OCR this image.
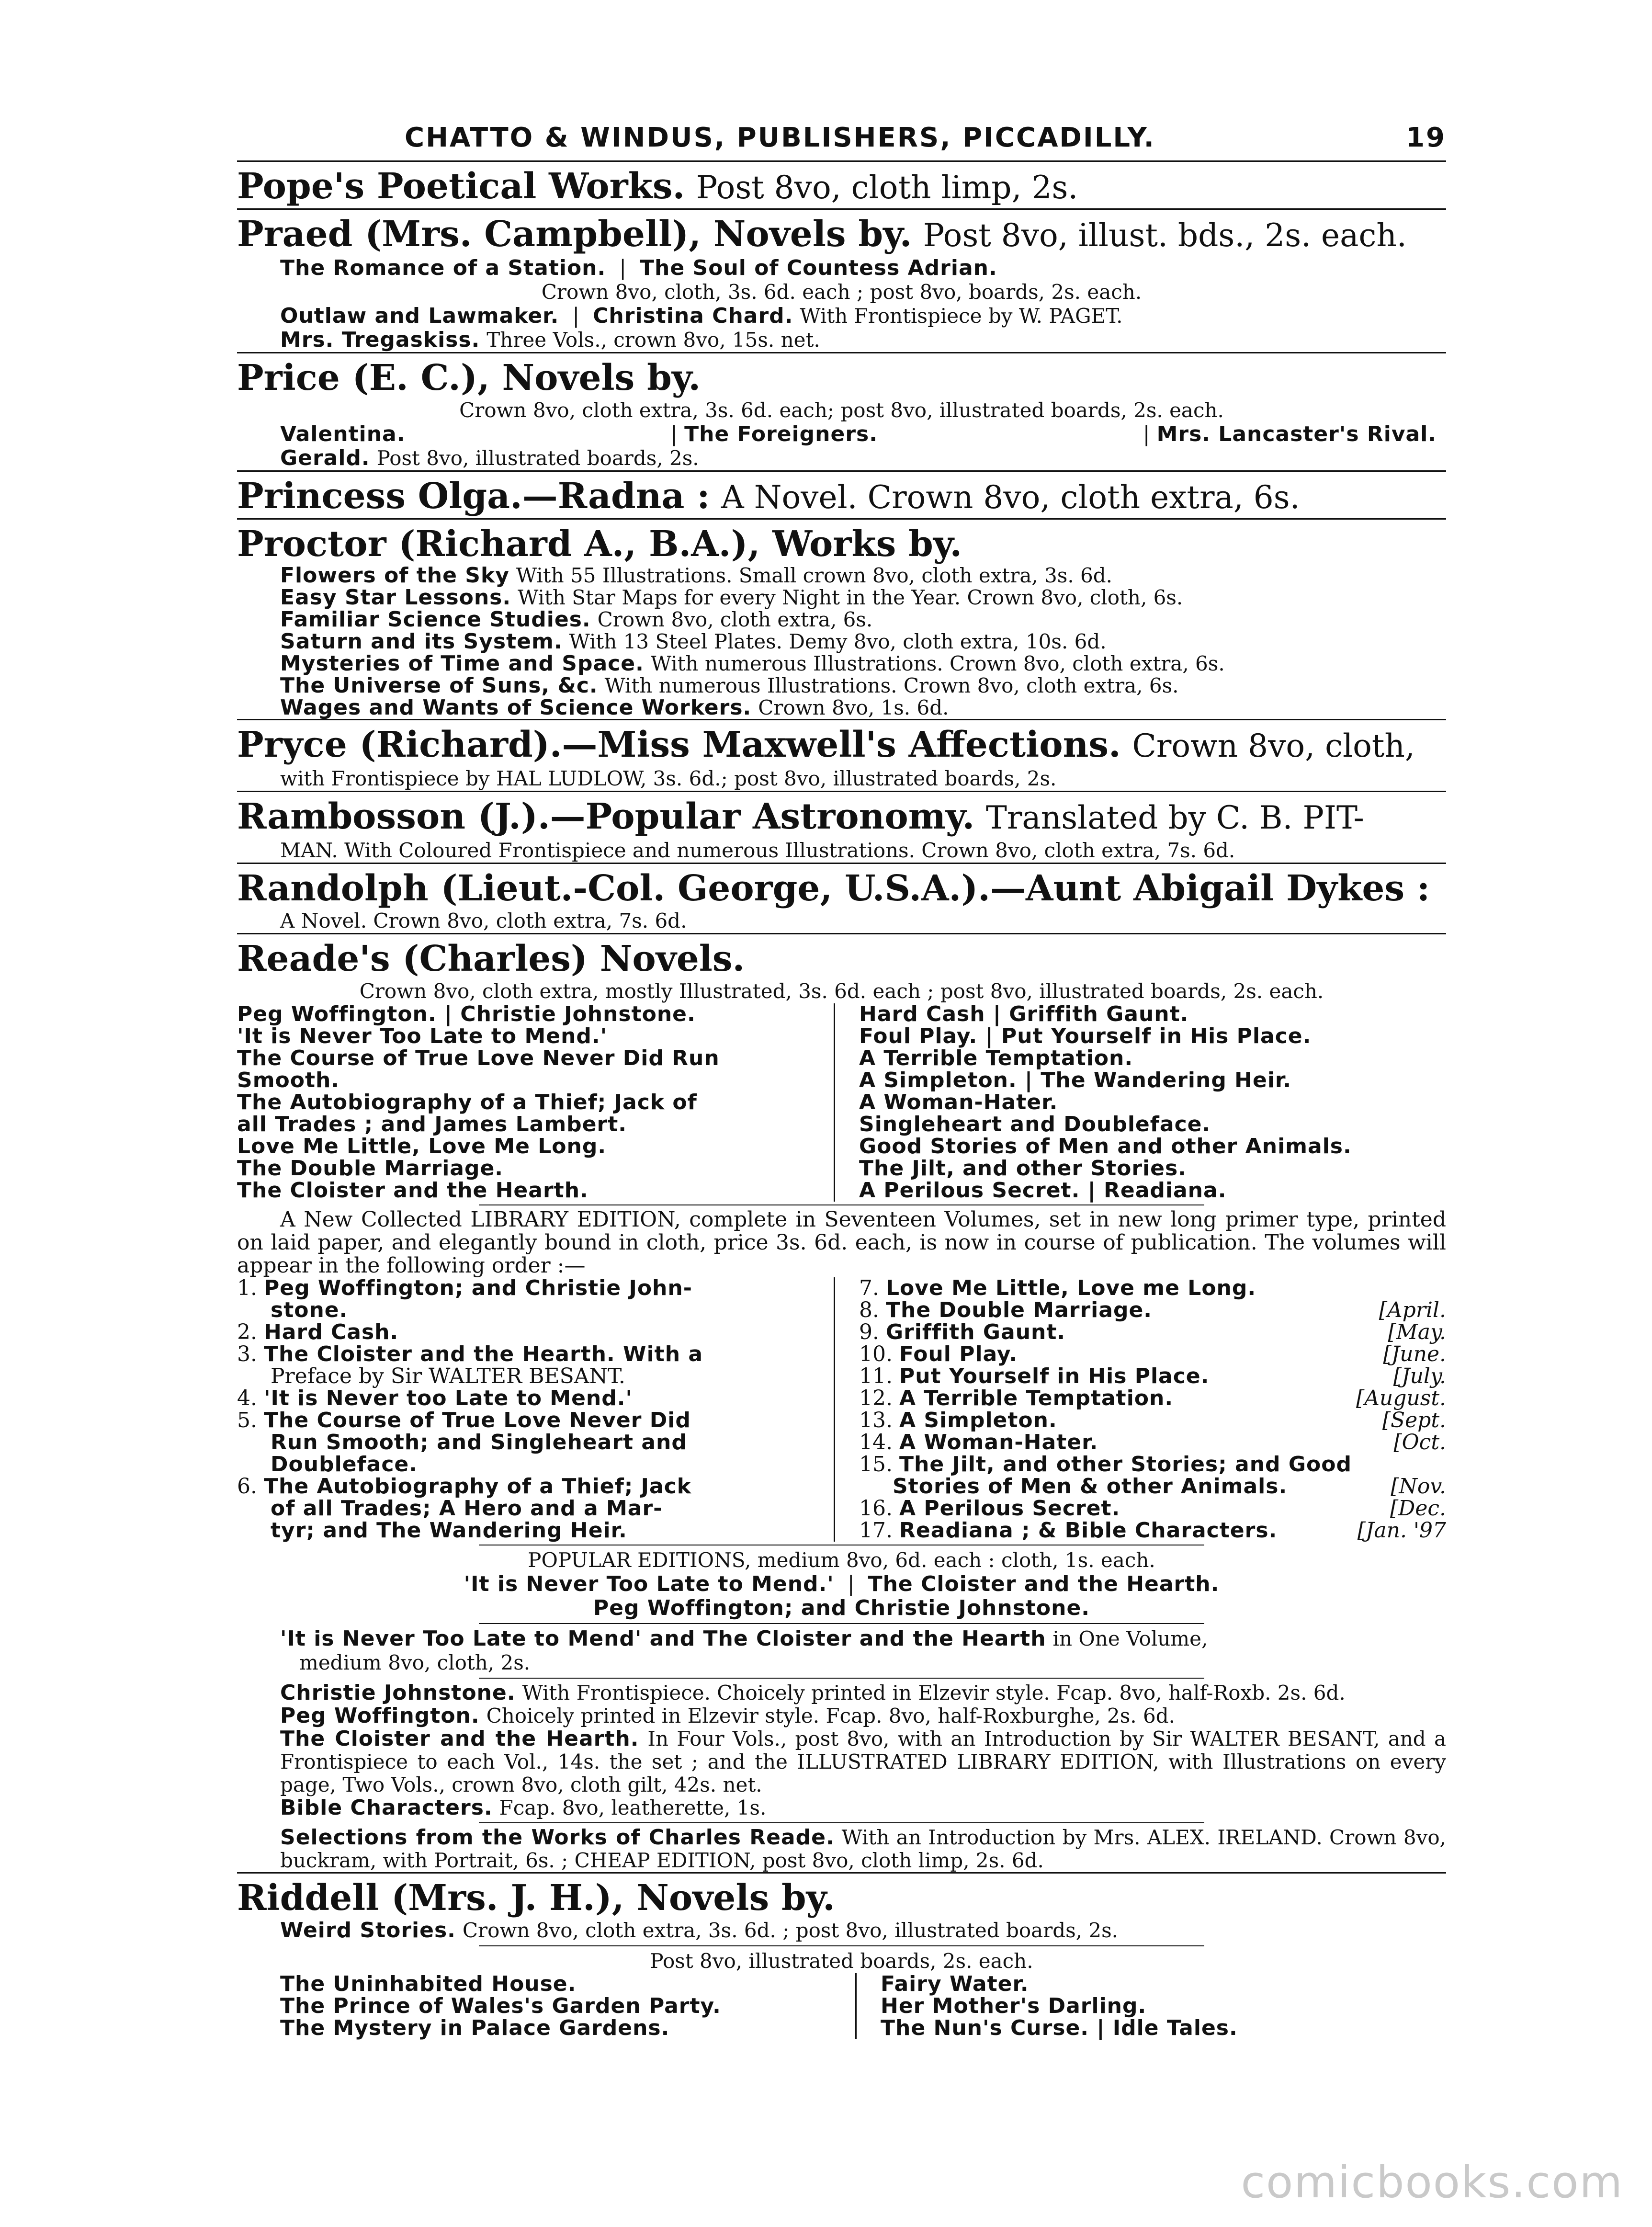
CHATTO & WINDUS, PUBLISHERS, PICCADILLY.	19
Pope's Poetical Works. Post 8vo, cloth limp, 2s.
Praed (Mrs. Campbell), Novels by. Post 8vo, illust. bds., 2s. each.
The Romance of a Station. | The Soul of Countess Adrian.
Crown 8vo, cloth, 3s. 6d. each ; post 8vo, boards, 2s. each.
Outlaw and Lawmaker. | Christina Chard. With Frontispiece by W. PAGET.
Mrs. Tregaskiss. Three Vols., crown 8vo, 15s. net.
Price (E. C.), Novels by.
Crown 8vo, cloth extra, 3s. 6d. each; post 8vo, illustrated boards, 2s. each.
Valentina.	| The Foreigners.	| Mrs. Lancaster's Rival.
Gerald. Post 8vo, illustrated boards, 2s.
Princess Olga.—Radna : A Novel. Crown 8vo, cloth extra, 6s.
Proctor (Richard A., B.A.), Works by.
Flowers of the Sky With 55 Illustrations. Small crown 8vo, cloth extra, 3s. 6d.
Easy Star Lessons. With Star Maps for every Night in the Year. Crown 8vo, cloth, 6s.
Familiar Science Studies. Crown 8vo, cloth extra, 6s.
Saturn and its System. With 13 Steel Plates. Demy 8vo, cloth extra, 10s. 6d.
Mysteries of Time and Space. With numerous Illustrations. Crown 8vo, cloth extra, 6s.
The Universe of Suns, &c. With numerous Illustrations. Crown 8vo, cloth extra, 6s.
Wages and Wants of Science Workers. Crown 8vo, 1s. 6d.
Pryce (Richard).—Miss Maxwell's Affections. Crown 8vo, cloth,
with Frontispiece by HAL LUDLOW, 3s. 6d.; post 8vo, illustrated boards, 2s.
Rambosson (J.).—Popular Astronomy. Translated by C. B. PIT-
MAN. With Coloured Frontispiece and numerous Illustrations. Crown 8vo, cloth extra, 7s. 6d.
Randolph (Lieut.-Col. George, U.S.A.).—Aunt Abigail Dykes :
A Novel. Crown 8vo, cloth extra, 7s. 6d.
Reade's (Charles) Novels.
Crown 8vo, cloth extra, mostly Illustrated, 3s. 6d. each ; post 8vo, illustrated boards, 2s. each.
Peg Woffington. | Christie Johnstone.
'It is Never Too Late to Mend.'
The Course of True Love Never Did Run
Smooth.
The Autobiography of a Thief; Jack of
all Trades ; and James Lambert.
Love Me Little, Love Me Long.
The Double Marriage.
The Cloister and the Hearth.
Hard Cash | Griffith Gaunt.
Foul Play. | Put Yourself in His Place.
A Terrible Temptation.
A Simpleton. | The Wandering Heir.
A Woman-Hater.
Singleheart and Doubleface.
Good Stories of Men and other Animals.
The Jilt, and other Stories.
A Perilous Secret. | Readiana.
A New Collected LIBRARY EDITION, complete in Seventeen Volumes, set in new long primer type, printed on laid paper, and elegantly bound in cloth, price 3s. 6d. each, is now in course of publication. The volumes will appear in the following order :—
1. Peg Woffington; and Christie John-
stone.
2. Hard Cash.
3. The Cloister and the Hearth. With a
Preface by Sir WALTER BESANT.
4. 'It is Never too Late to Mend.'
5. The Course of True Love Never Did
Run Smooth; and Singleheart and
Doubleface.
6. The Autobiography of a Thief; Jack
of all Trades; A Hero and a Mar-
tyr; and The Wandering Heir.
7. Love Me Little, Love me Long.
8. The Double Marriage.	[April.
9. Griffith Gaunt.	[May.
10. Foul Play.	[June.
11. Put Yourself in His Place.	[July.
12. A Terrible Temptation.	[August.
13. A Simpleton.	[Sept.
14. A Woman-Hater.	[Oct.
15. The Jilt, and other Stories; and Good
Stories of Men & other Animals.	[Nov.
16. A Perilous Secret.	[Dec.
17. Readiana ; & Bible Characters.	[Jan. '97
POPULAR EDITIONS, medium 8vo, 6d. each : cloth, 1s. each.
'It is Never Too Late to Mend.' | The Cloister and the Hearth.
Peg Woffington; and Christie Johnstone.
'It is Never Too Late to Mend' and The Cloister and the Hearth in One Volume,
medium 8vo, cloth, 2s.
Christie Johnstone. With Frontispiece. Choicely printed in Elzevir style. Fcap. 8vo, half-Roxb. 2s. 6d.
Peg Woffington. Choicely printed in Elzevir style. Fcap. 8vo, half-Roxburghe, 2s. 6d.
The Cloister and the Hearth. In Four Vols., post 8vo, with an Introduction by Sir WALTER BESANT, and a Frontispiece to each Vol., 14s. the set ; and the ILLUSTRATED LIBRARY EDITION, with Illustrations on every page, Two Vols., crown 8vo, cloth gilt, 42s. net.
Bible Characters. Fcap. 8vo, leatherette, 1s.
Selections from the Works of Charles Reade. With an Introduction by Mrs. ALEX. IRELAND. Crown 8vo, buckram, with Portrait, 6s. ; CHEAP EDITION, post 8vo, cloth limp, 2s. 6d.
Riddell (Mrs. J. H.), Novels by.
Weird Stories. Crown 8vo, cloth extra, 3s. 6d. ; post 8vo, illustrated boards, 2s.
Post 8vo, illustrated boards, 2s. each.
The Uninhabited House.
The Prince of Wales's Garden Party.
The Mystery in Palace Gardens.
Fairy Water.
Her Mother's Darling.
The Nun's Curse. | Idle Tales.
comicbooks.com
